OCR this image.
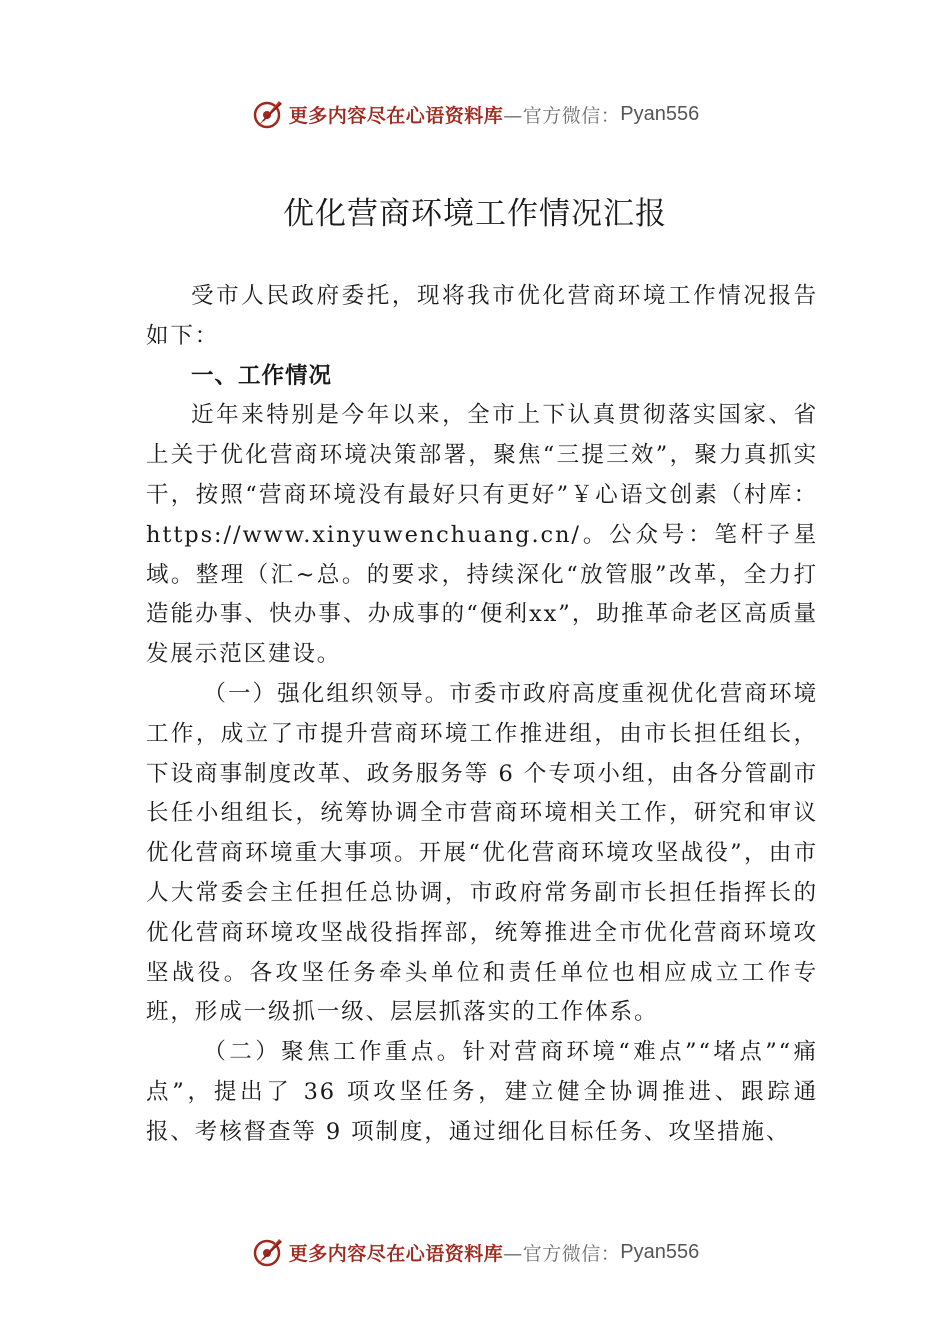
更多内容尽在心语资料库 —官方微信： Pyan556
优化营商环境工作情况汇报

受市人民政府委托，现将我市优化营商环境工作情况报告如下：

一、工作情况

近年来特别是今年以来，全市上下认真贯彻落实国家、省上关于优化营商环境决策部署，聚焦“三提三效”，聚力真抓实干，按照“营商环境没有最好只有更好”￥心语文创素（村库：https://www.xinyuwenchuang.cn/。公众号：笔杆子星域。整理（汇~总。的要求，持续深化“放管服”改革，全力打造能办事、快办事、办成事的“便利xx”，助推革命老区高质量发展示范区建设。

（一）强化组织领导。市委市政府高度重视优化营商环境工作，成立了市提升营商环境工作推进组，由市长担任组长，下设商事制度改革、政务服务等 6 个专项小组，由各分管副市长任小组组长，统筹协调全市营商环境相关工作，研究和审议优化营商环境重大事项。开展“优化营商环境攻坚战役”，由市人大常委会主任担任总协调，市政府常务副市长担任指挥长的优化营商环境攻坚战役指挥部，统筹推进全市优化营商环境攻坚战役。各攻坚任务牵头单位和责任单位也相应成立工作专班，形成一级抓一级、层层抓落实的工作体系。

（二）聚焦工作重点。针对营商环境“难点”“堵点”“痛点”，提出了 36 项攻坚任务，建立健全协调推进、跟踪通报、考核督查等 9 项制度，通过细化目标任务、攻坚措施、

更多内容尽在心语资料库 —官方微信： Pyan556
